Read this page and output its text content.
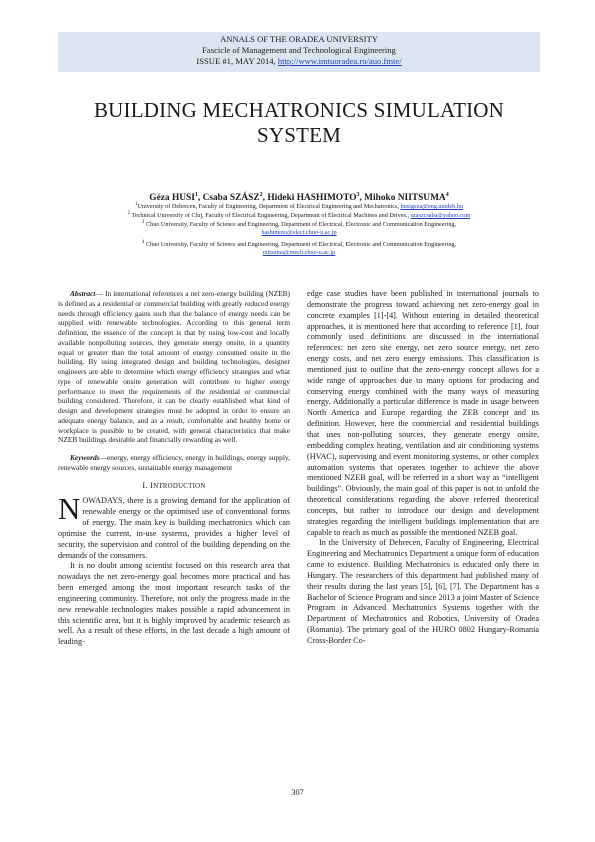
ANNALS OF THE ORADEA UNIVERSITY
Fascicle of Management and Technological Engineering
ISSUE #1, MAY 2014, http://www.imtuoradea.ro/auo.fmte/
BUILDING MECHATRONICS SIMULATION
SYSTEM
Géza HUSI$^1$, Csaba SZÁSZ$^2$, Hideki HASHIMOTO$^3$, Mihoko NIITSUMA$^4$
$^1$University of Debrecen, Faculty of Engineering, Department of Electrical Engineering and Mechatronics, husigeza@eng.unideb.hu
$^2$ Technical University of Cluj, Faculty of Electrical Engineering, Department of Electrical Machines and Drives., szaszcsaba@yahoo.com
$^3$ Chuo University, Faculty of Science and Engineering, Department of Electrical, Electronic and Communication Engineering,
hashimoto@elect.chuo-u.ac.jp
$^4$ Chuo University, Faculty of Science and Engineering, Department of Electrical, Electronic and Communication Engineering,
niitsuma@mech.chuo-u.ac.jp

Abstract— In international references a net zero-energy building (NZEB) is defined as a residential or commercial building with greatly reduced energy needs through efficiency gains such that the balance of energy needs can be supplied with renewable technologies. According to this general term definition, the essence of the concept is that by using low-cost and locally available nonpolluting sources, they generate energy onsite, in a quantity equal or greater than the total amount of energy consumed onsite in the building. By using integrated design and building technologies, designer engineers are able to determine which energy efficiency strategies and what type of renewable onsite generation will contribute to higher energy performance to meet the requirements of the residential or commercial building considered. Therefore, it can be clearly established what kind of design and development strategies must be adopted in order to ensure an adequate energy balance, and as a result, comfortable and healthy home or workplace is possible to be created, with general characteristics that make NZEB buildings desirable and financially rewarding as well.

Keywords—energy, energy efficiency, energy in buildings, energy supply, renewable energy sources, sustainable energy management
I. INTRODUCTION

NOWADAYS, there is a growing demand for the application of renewable energy or the optimised use of conventional forms of energy. The main key is building mechatronics which can optimise the current, in-use systems, provides a higher level of security, the supervision and control of the building depending on the demands of the consumers.

It is no doubt among scientist focused on this research area that nowadays the net zero-energy goal becomes more practical and has been emerged among the most important research tasks of the engineering community. Therefore, not only the progress made in the new renewable technologies makes possible a rapid advancement in this scientific area, but it is highly improved by academic research as well. As a result of these efforts, in the last decade a high amount of leading-

edge case studies have been published in international journals to demonstrate the progress toward achieving net zero-energy goal in concrete examples [1]-[4]. Without entering in detailed theoretical approaches, it is mentioned here that according to reference [1], four commonly used definitions are discussed in the international references: net zero site energy, net zero source energy, net zero energy costs, and net zero energy emissions. This classification is mentioned just to outline that the zero-energy concept allows for a wide range of approaches due to many options for producing and conserving energy combined with the many ways of measuring energy. Additionally a particular difference is made in usage between North America and Europe regarding the ZEB concept and its definition. However, here the commercial and residential buildings that uses non-polluting sources, they generate energy onsite, embedding complex heating, ventilation and air conditioning systems (HVAC), supervising and event monitoring systems, or other complex automation systems that operates together to achieve the above mentioned NZEB goal, will be referred in a short way as “intelligent buildings”. Obviously, the main goal of this paper is not to unfold the theoretical considerations regarding the above referred theoretical concepts, but rather to introduce our design and development strategies regarding the intelligent buildings implementation that are capable to reach as much as possible the mentioned NZEB goal.

In the University of Debrecen, Faculty of Engineering, Electrical Engineering and Mechatronics Department a unique form of education came to existence. Building Mechatronics is educated only there in Hungary. The researchers of this department had published many of their results during the last years [5], [6], [7]. The Department has a Bachelor of Science Program and since 2013 a joint Master of Science Program in Advanced Mechatronics Systems together with the Department of Mechatronics and Robotics, University of Oradea (Romania). The primary goal of the HURO 0802 Hungary-Romania Cross-Border Co-

307
